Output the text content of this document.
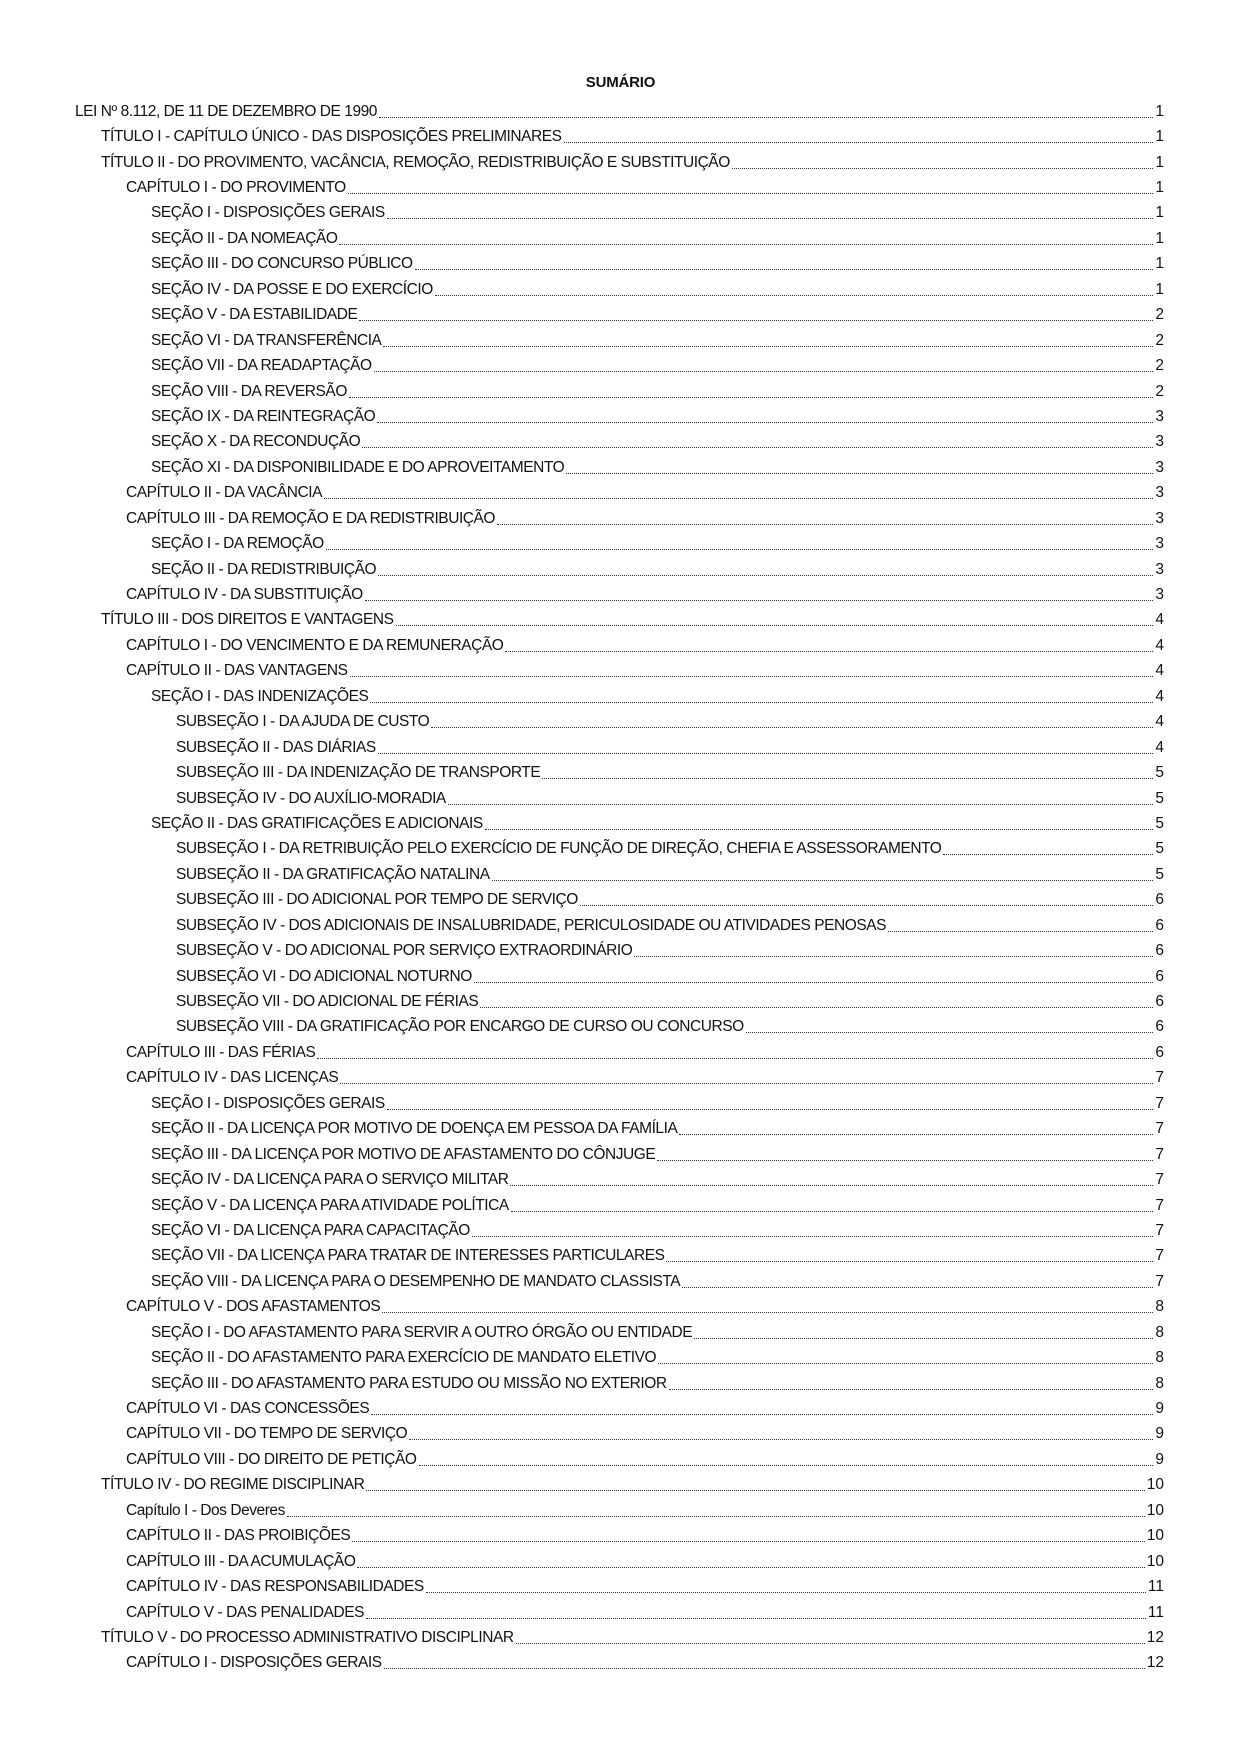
SUMÁRIO
LEI Nº 8.112, DE 11 DE DEZEMBRO DE 1990	1
TÍTULO I - CAPÍTULO ÚNICO - DAS DISPOSIÇÕES PRELIMINARES	1
TÍTULO II - DO PROVIMENTO, VACÂNCIA, REMOÇÃO, REDISTRIBUIÇÃO E SUBSTITUIÇÃO	1
CAPÍTULO I - DO PROVIMENTO	1
SEÇÃO I - DISPOSIÇÕES GERAIS	1
SEÇÃO II - DA NOMEAÇÃO	1
SEÇÃO III - DO CONCURSO PÚBLICO	1
SEÇÃO IV - DA POSSE E DO EXERCÍCIO	1
SEÇÃO V - DA ESTABILIDADE	2
SEÇÃO VI - DA TRANSFERÊNCIA	2
SEÇÃO VII - DA READAPTAÇÃO	2
SEÇÃO VIII - DA REVERSÃO	2
SEÇÃO IX - DA REINTEGRAÇÃO	3
SEÇÃO X - DA RECONDUÇÃO	3
SEÇÃO XI - DA DISPONIBILIDADE E DO APROVEITAMENTO	3
CAPÍTULO II - DA VACÂNCIA	3
CAPÍTULO III - DA REMOÇÃO E DA REDISTRIBUIÇÃO	3
SEÇÃO I - DA REMOÇÃO	3
SEÇÃO II - DA REDISTRIBUIÇÃO	3
CAPÍTULO IV - DA SUBSTITUIÇÃO	3
TÍTULO III - DOS DIREITOS E VANTAGENS	4
CAPÍTULO I - DO VENCIMENTO E DA REMUNERAÇÃO	4
CAPÍTULO II - DAS VANTAGENS	4
SEÇÃO I - DAS INDENIZAÇÕES	4
SUBSEÇÃO I - DA AJUDA DE CUSTO	4
SUBSEÇÃO II - DAS DIÁRIAS	4
SUBSEÇÃO III - DA INDENIZAÇÃO DE TRANSPORTE	5
SUBSEÇÃO IV - DO AUXÍLIO-MORADIA	5
SEÇÃO II - DAS GRATIFICAÇÕES E ADICIONAIS	5
SUBSEÇÃO I - DA RETRIBUIÇÃO PELO EXERCÍCIO DE FUNÇÃO DE DIREÇÃO, CHEFIA E ASSESSORAMENTO	5
SUBSEÇÃO II - DA GRATIFICAÇÃO NATALINA	5
SUBSEÇÃO III - DO ADICIONAL POR TEMPO DE SERVIÇO	6
SUBSEÇÃO IV - DOS ADICIONAIS DE INSALUBRIDADE, PERICULOSIDADE OU ATIVIDADES PENOSAS	6
SUBSEÇÃO V - DO ADICIONAL POR SERVIÇO EXTRAORDINÁRIO	6
SUBSEÇÃO VI - DO ADICIONAL NOTURNO	6
SUBSEÇÃO VII - DO ADICIONAL DE FÉRIAS	6
SUBSEÇÃO VIII - DA GRATIFICAÇÃO POR ENCARGO DE CURSO OU CONCURSO	6
CAPÍTULO III - DAS FÉRIAS	6
CAPÍTULO IV - DAS LICENÇAS	7
SEÇÃO I - DISPOSIÇÕES GERAIS	7
SEÇÃO II - DA LICENÇA POR MOTIVO DE DOENÇA EM PESSOA DA FAMÍLIA	7
SEÇÃO III - DA LICENÇA POR MOTIVO DE AFASTAMENTO DO CÔNJUGE	7
SEÇÃO IV - DA LICENÇA PARA O SERVIÇO MILITAR	7
SEÇÃO V - DA LICENÇA PARA ATIVIDADE POLÍTICA	7
SEÇÃO VI - DA LICENÇA PARA CAPACITAÇÃO	7
SEÇÃO VII - DA LICENÇA PARA TRATAR DE INTERESSES PARTICULARES	7
SEÇÃO VIII - DA LICENÇA PARA O DESEMPENHO DE MANDATO CLASSISTA	7
CAPÍTULO V - DOS AFASTAMENTOS	8
SEÇÃO I - DO AFASTAMENTO PARA SERVIR A OUTRO ÓRGÃO OU ENTIDADE	8
SEÇÃO II - DO AFASTAMENTO PARA EXERCÍCIO DE MANDATO ELETIVO	8
SEÇÃO III - DO AFASTAMENTO PARA ESTUDO OU MISSÃO NO EXTERIOR	8
CAPÍTULO VI - DAS CONCESSÕES	9
CAPÍTULO VII - DO TEMPO DE SERVIÇO	9
CAPÍTULO VIII - DO DIREITO DE PETIÇÃO	9
TÍTULO IV - DO REGIME DISCIPLINAR	10
Capítulo I - Dos Deveres	10
CAPÍTULO II - DAS PROIBIÇÕES	10
CAPÍTULO III - DA ACUMULAÇÃO	10
CAPÍTULO IV - DAS RESPONSABILIDADES	11
CAPÍTULO V - DAS PENALIDADES	11
TÍTULO V - DO PROCESSO ADMINISTRATIVO DISCIPLINAR	12
CAPÍTULO I - DISPOSIÇÕES GERAIS	12
